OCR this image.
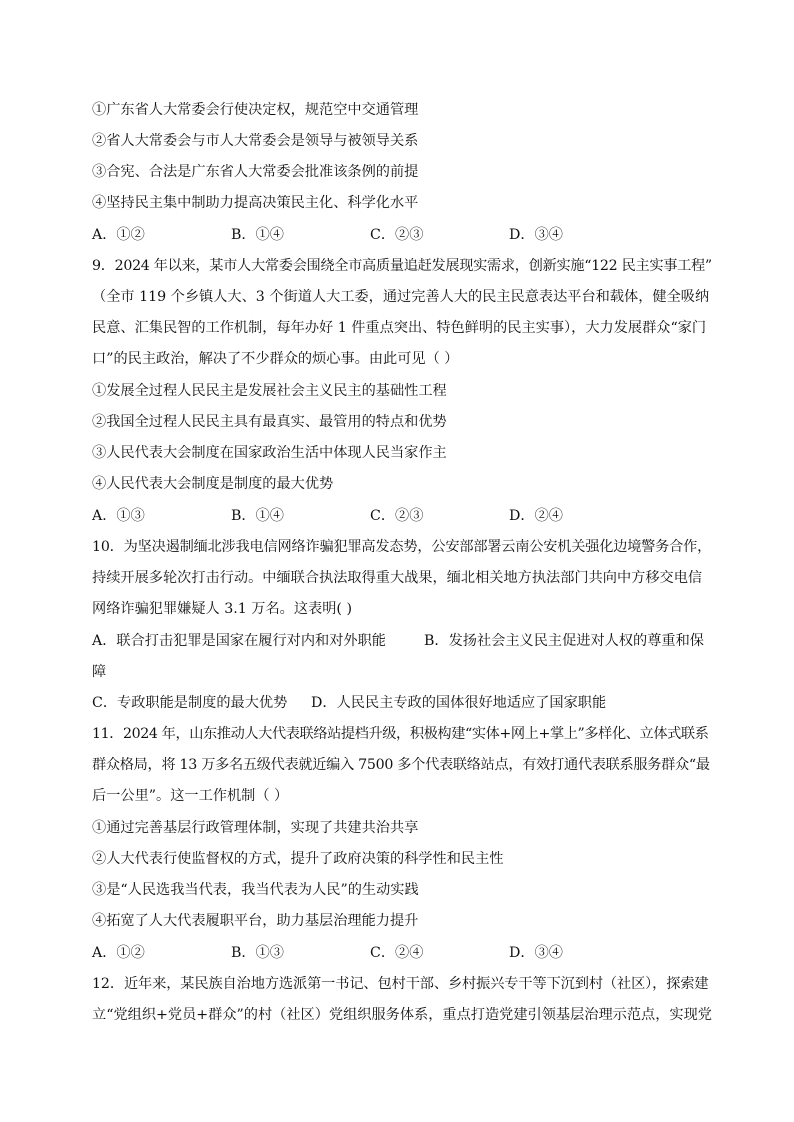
①广东省人大常委会行使决定权，规范空中交通管理
②省人大常委会与市人大常委会是领导与被领导关系
③合宪、合法是广东省人大常委会批准该条例的前提
④坚持民主集中制助力提高决策民主化、科学化水平
A．①②	B．①④	C．②③	D．③④
9．2024 年以来，某市人大常委会围绕全市高质量追赶发展现实需求，创新实施“122 民主实事工程”
（全市 119 个乡镇人大、3 个街道人大工委，通过完善人大的民主民意表达平台和载体，健全吸纳
民意、汇集民智的工作机制，每年办好 1 件重点突出、特色鲜明的民主实事），大力发展群众“家门
口”的民主政治，解决了不少群众的烦心事。由此可见（ ）
①发展全过程人民民主是发展社会主义民主的基础性工程
②我国全过程人民民主具有最真实、最管用的特点和优势
③人民代表大会制度在国家政治生活中体现人民当家作主
④人民代表大会制度是制度的最大优势
A．①③	B．①④	C．②③	D．②④
10．为坚决遏制缅北涉我电信网络诈骗犯罪高发态势，公安部部署云南公安机关强化边境警务合作，
持续开展多轮次打击行动。中缅联合执法取得重大战果，缅北相关地方执法部门共向中方移交电信
网络诈骗犯罪嫌疑人 3.1 万名。这表明( )
A．联合打击犯罪是国家在履行对内和对外职能	B．发扬社会主义民主促进对人权的尊重和保
障
C．专政职能是制度的最大优势 D．人民民主专政的国体很好地适应了国家职能
11．2024 年，山东推动人大代表联络站提档升级，积极构建“实体+网上+掌上”多样化、立体式联系
群众格局，将 13 万多名五级代表就近编入 7500 多个代表联络站点，有效打通代表联系服务群众“最
后一公里”。这一工作机制（ ）
①通过完善基层行政管理体制，实现了共建共治共享
②人大代表行使监督权的方式，提升了政府决策的科学性和民主性
③是“人民选我当代表，我当代表为人民”的生动实践
④拓宽了人大代表履职平台，助力基层治理能力提升
A．①②	B．①③	C．②④	D．③④
12．近年来，某民族自治地方选派第一书记、包村干部、乡村振兴专干等下沉到村（社区），探索建
立“党组织+党员+群众”的村（社区）党组织服务体系，重点打造党建引领基层治理示范点，实现党
